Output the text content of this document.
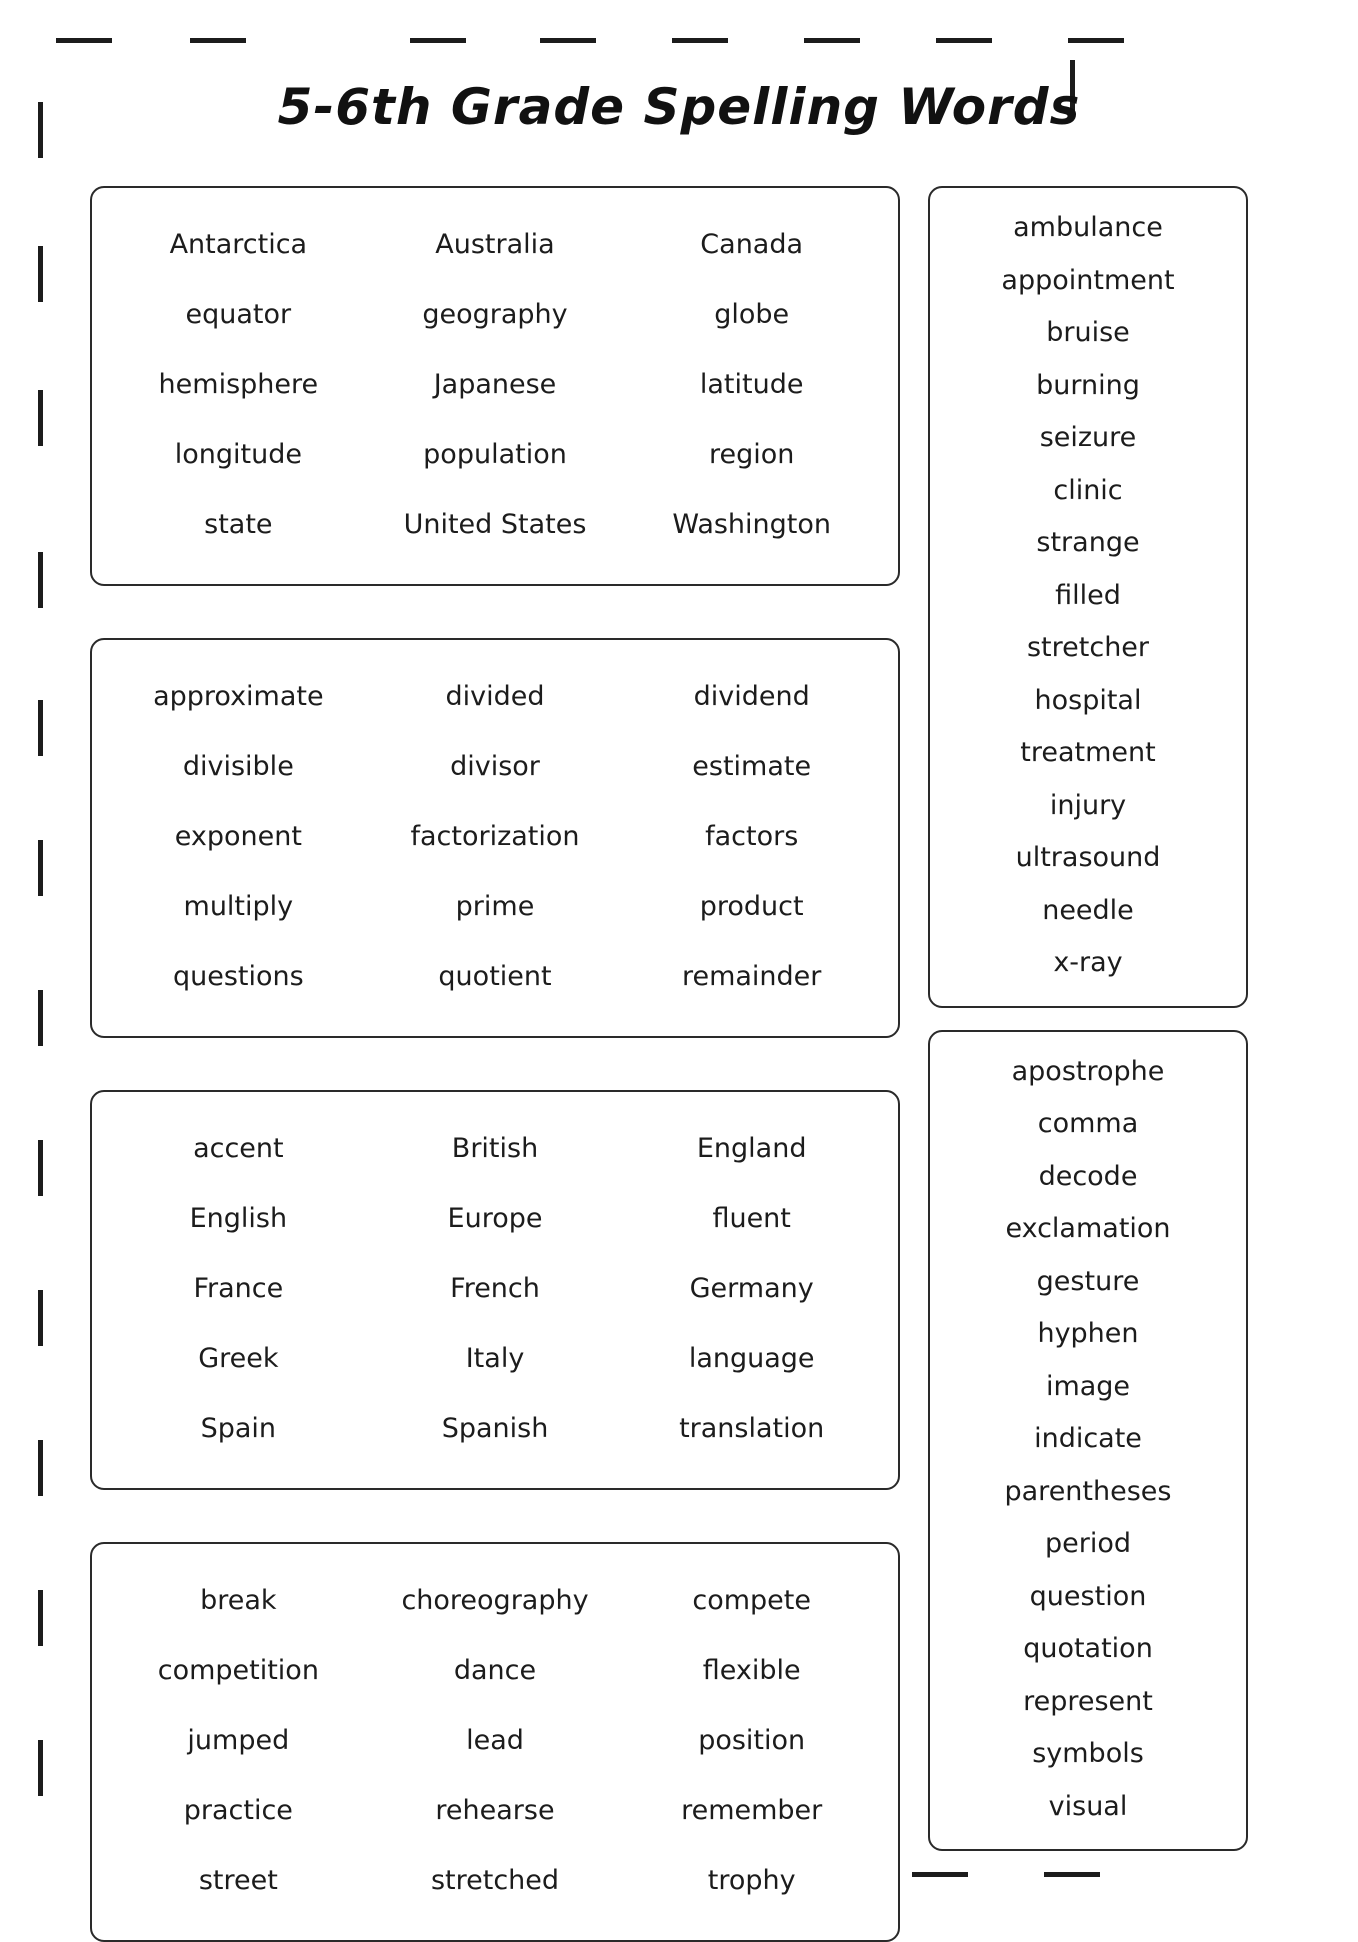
5-6th Grade Spelling Words
Antarctica	Australia	Canada
equator	geography	globe
hemisphere	Japanese	latitude
longitude	population	region
state	United States	Washington
approximate	divided	dividend
divisible	divisor	estimate
exponent	factorization	factors
multiply	prime	product
questions	quotient	remainder
accent	British	England
English	Europe	fluent
France	French	Germany
Greek	Italy	language
Spain	Spanish	translation
break	choreography	compete
competition	dance	flexible
jumped	lead	position
practice	rehearse	remember
street	stretched	trophy
ambulance
appointment
bruise
burning
seizure
clinic
strange
filled
stretcher
hospital
treatment
injury
ultrasound
needle
x-ray
apostrophe
comma
decode
exclamation
gesture
hyphen
image
indicate
parentheses
period
question
quotation
represent
symbols
visual
